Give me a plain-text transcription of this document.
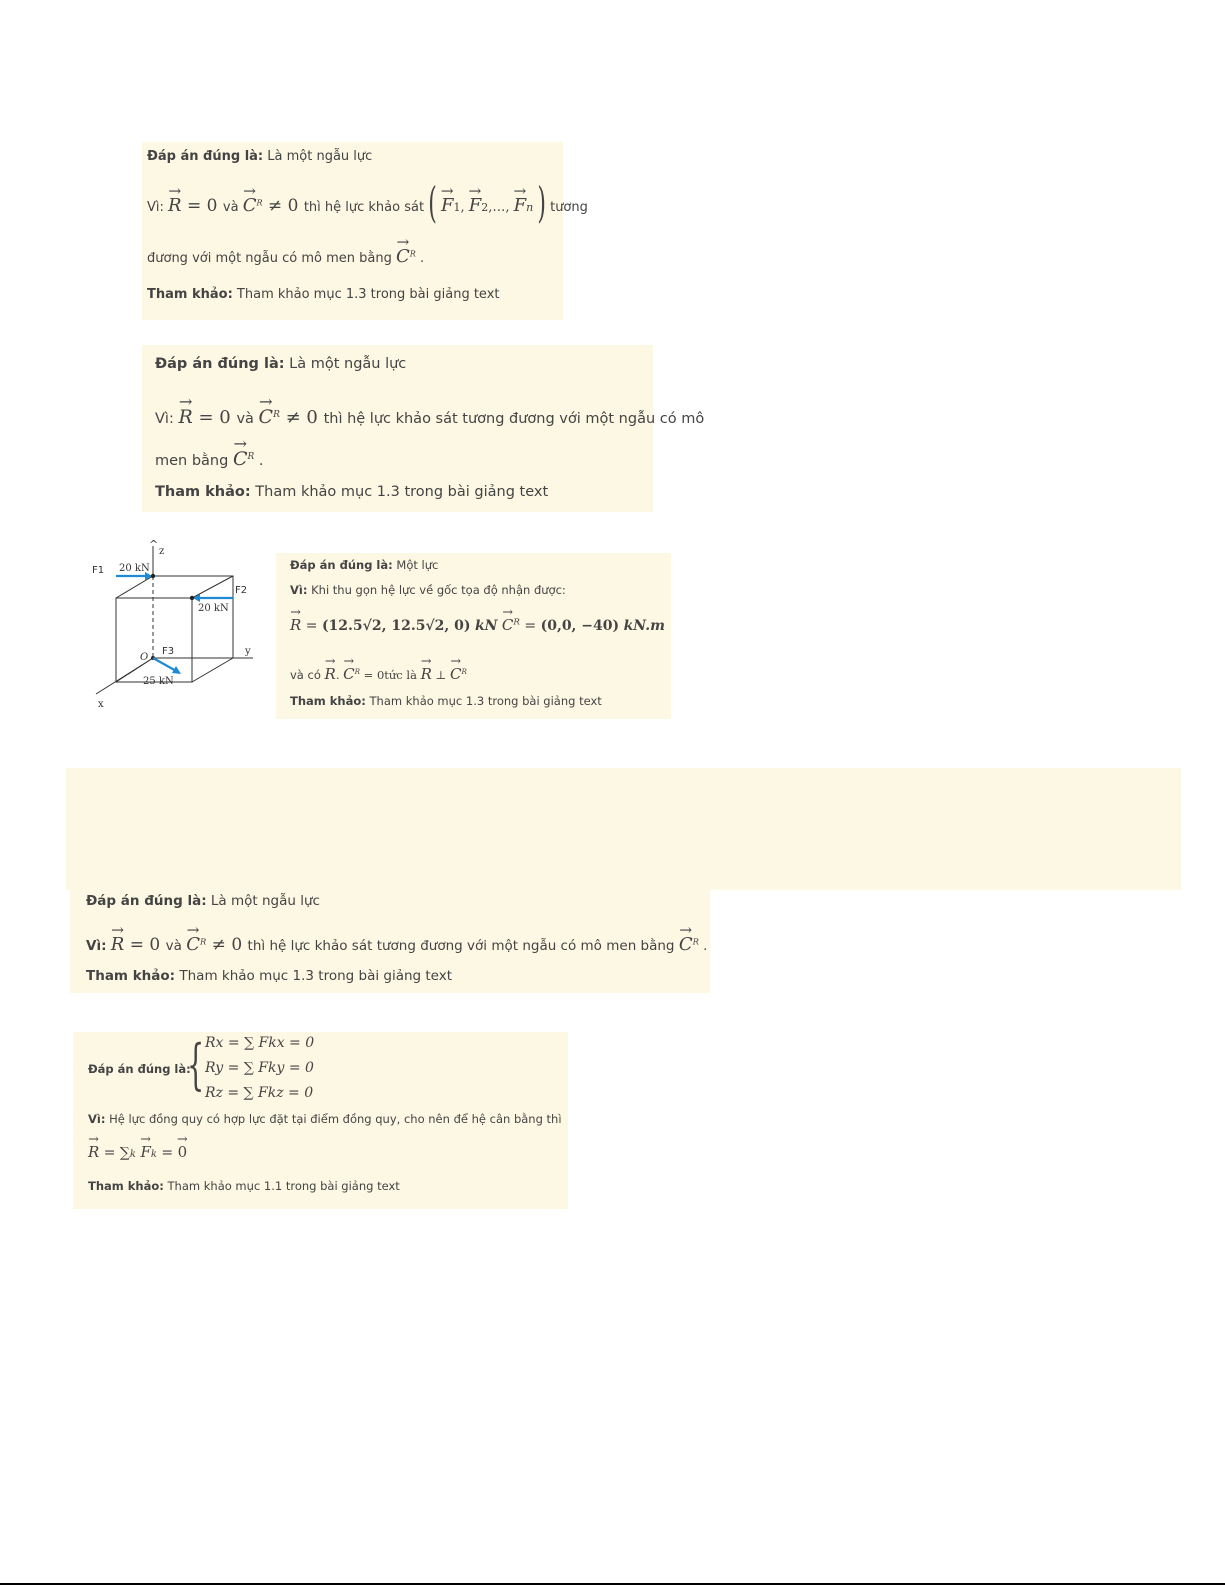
Đáp án đúng là: Là một ngẫu lực
Vì: → R = 0 và → $C^R \ne 0$ thì hệ lực khảo sát ( → F1, → F2,…, → Fn ) tương
đương với một ngẫu có mô men bằng → $C^R$ .
Tham khảo: Tham khảo mục 1.3 trong bài giảng text
Đáp án đúng là: Là một ngẫu lực
Vì: → R = 0 và → $C^R \ne 0$ thì hệ lực khảo sát tương đương với một ngẫu có mô
men bằng → $C^R$ .
Tham khảo: Tham khảo mục 1.3 trong bài giảng text
^
z
y
x
O
F1 20 kN
F2
20 kN
F3
25 kN
Đáp án đúng là: Một lực
Vì: Khi thu gọn hệ lực về gốc tọa độ nhận được:
→ R = (12.5√2, 12.5√2, 0) kN → $C^R = (0,0$, −40) kN.m
và có → R. → $C^R$ = 0tức là → R ⊥ → $C^R$
Tham khảo: Tham khảo mục 1.3 trong bài giảng text
Đáp án đúng là: Là một ngẫu lực
Vì: → R = 0 và → $C^R \ne 0$ thì hệ lực khảo sát tương đương với một ngẫu có mô men bằng → $C^R$ .
Tham khảo: Tham khảo mục 1.3 trong bài giảng text
Đáp án đúng là:
{ Rx = ∑ Fkx = 0
Ry = ∑ Fky = 0
Rz = ∑ Fkz = 0
Vì: Hệ lực đồng quy có hợp lực đặt tại điểm đồng quy, cho nên để hệ cân bằng thì
→ R = ∑k → Fk = → 0
Tham khảo: Tham khảo mục 1.1 trong bài giảng text
